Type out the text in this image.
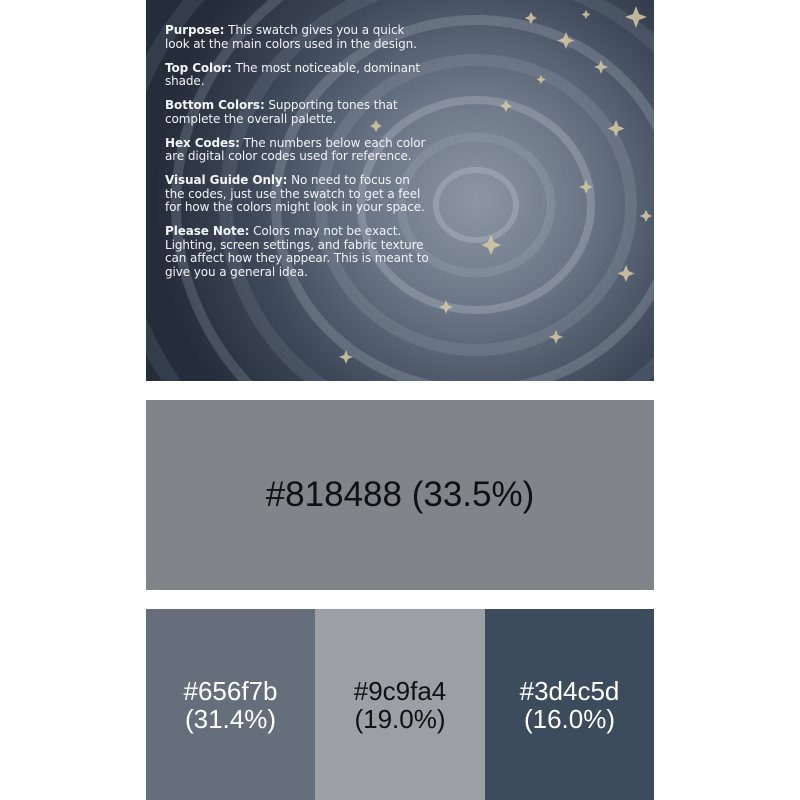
Purpose: This swatch gives you a quick look at the main colors used in the design.

Top Color: The most noticeable, dominant shade.

Bottom Colors: Supporting tones that complete the overall palette.

Hex Codes: The numbers below each color are digital color codes used for reference.

Visual Guide Only: No need to focus on the codes, just use the swatch to get a feel for how the colors might look in your space.

Please Note: Colors may not be exact. Lighting, screen settings, and fabric texture can affect how they appear. This is meant to give you a general idea.

#818488 (33.5%)
#656f7b
(31.4%)
#9c9fa4
(19.0%)
#3d4c5d
(16.0%)
